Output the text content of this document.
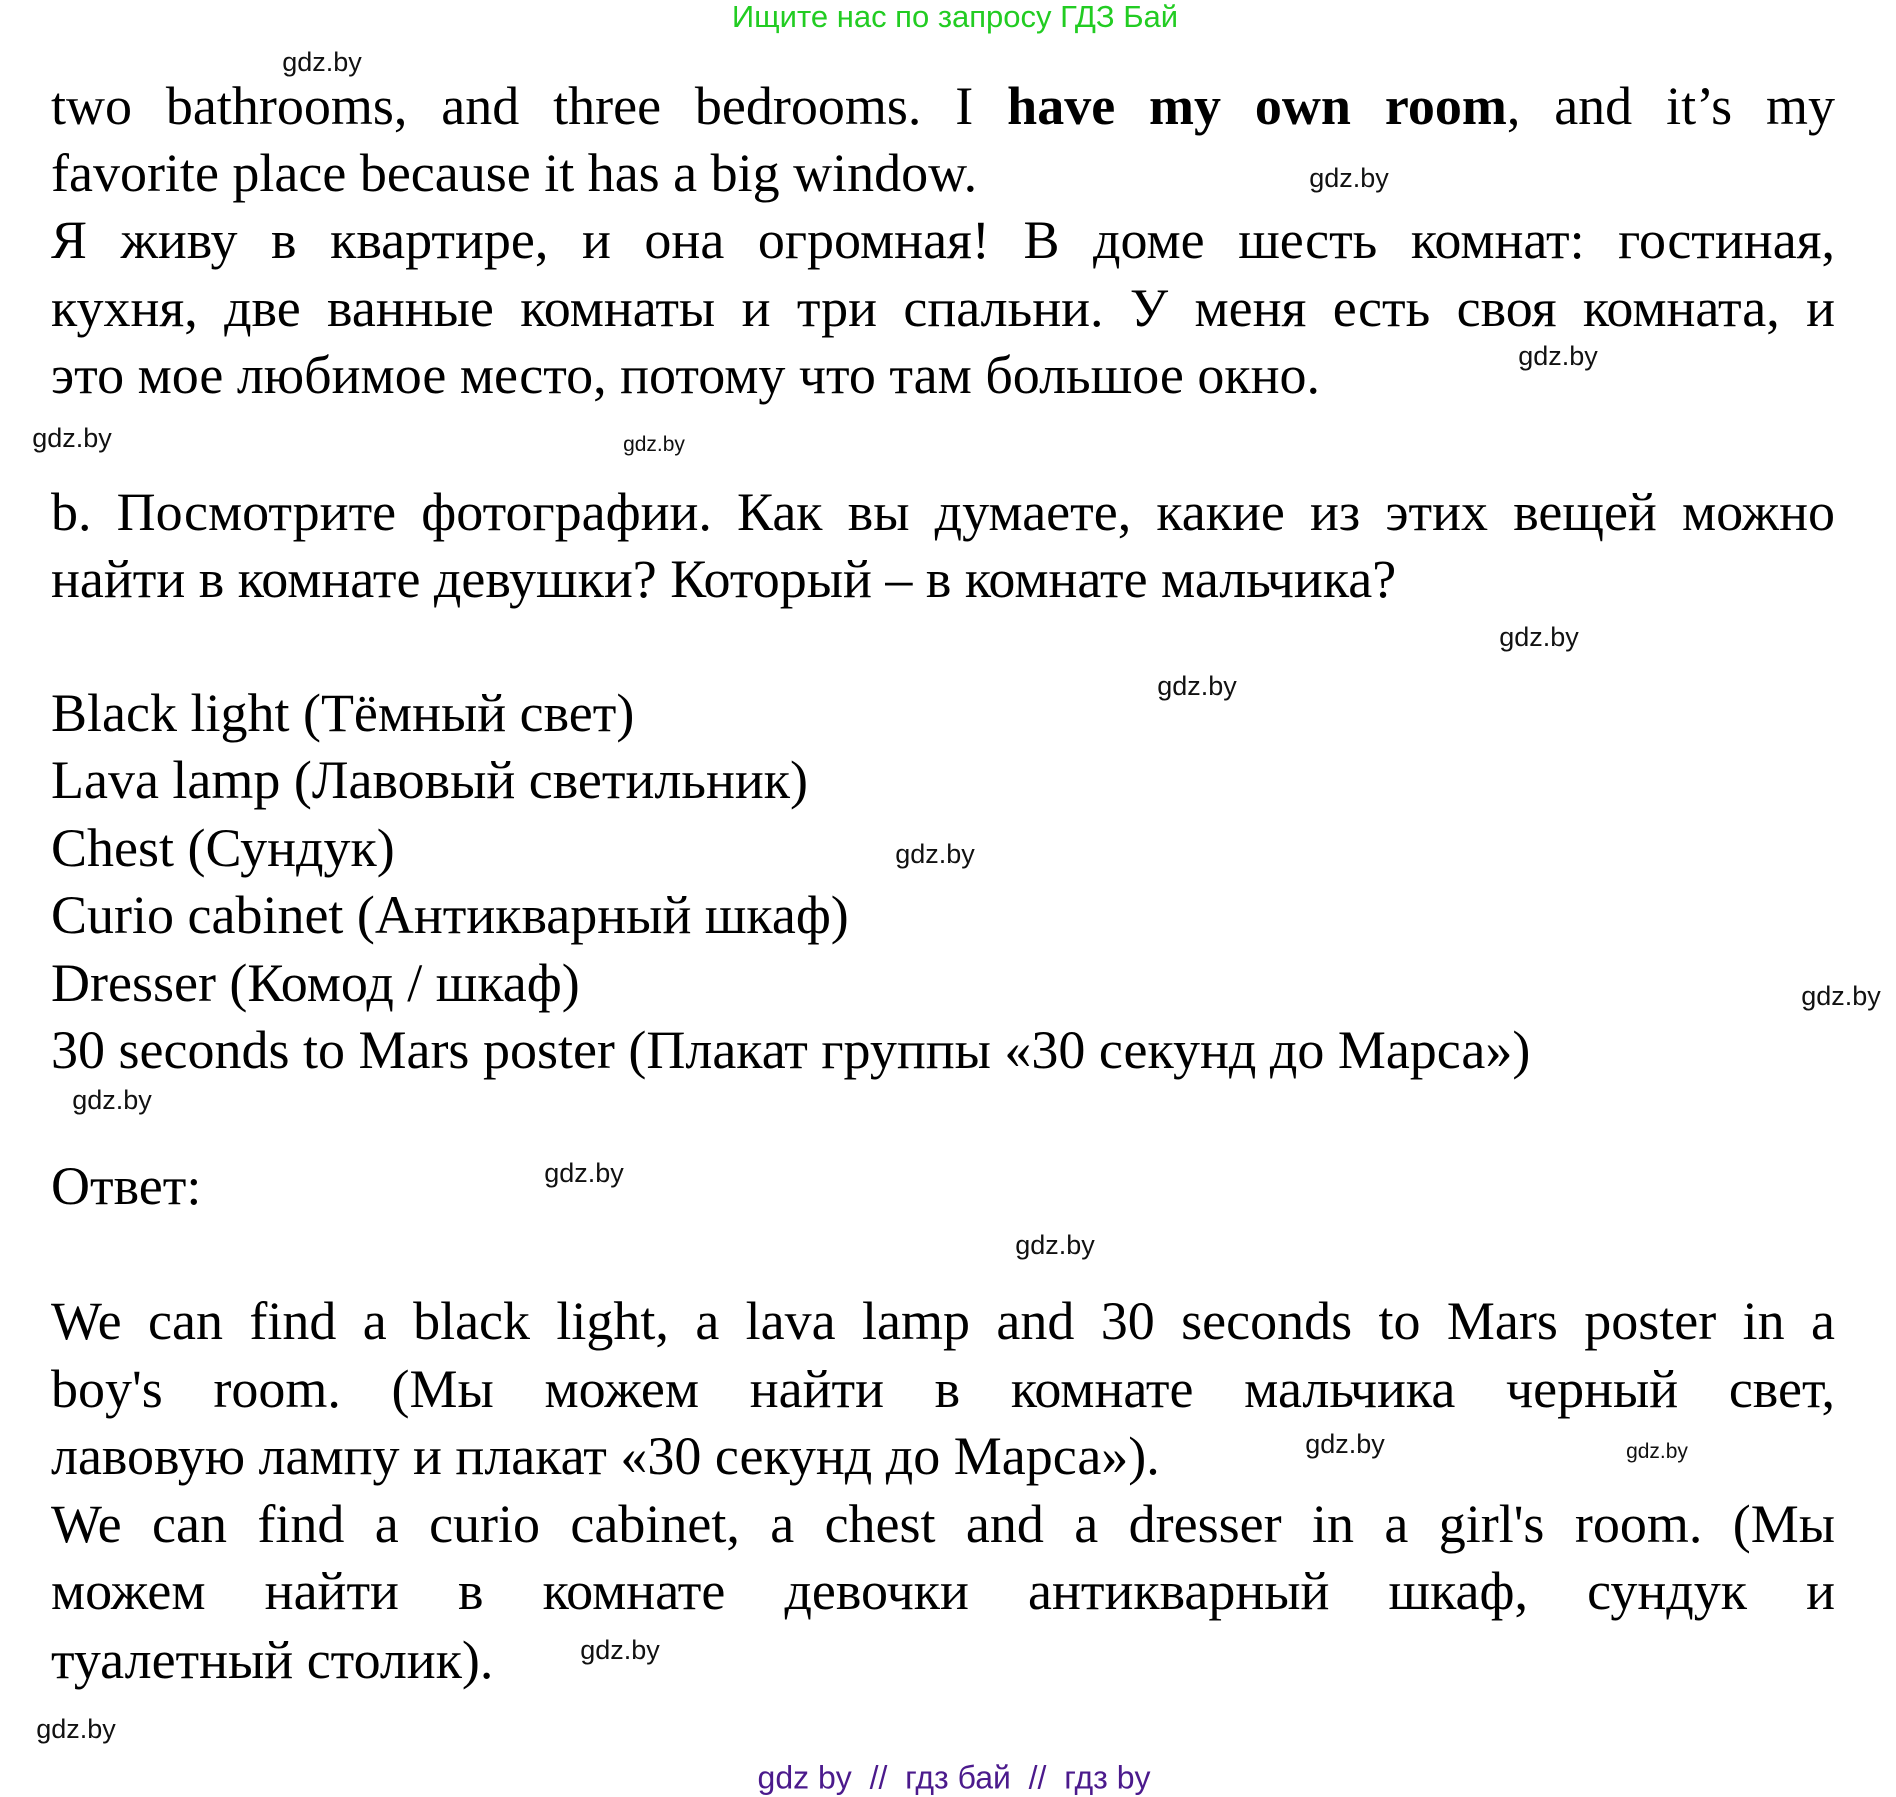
Ищите нас по запросу ГДЗ Бай
two bathrooms, and three bedrooms. I have my own room, and it’s my
favorite place because it has a big window.
Я живу в квартире, и она огромная! В доме шесть комнат: гостиная,
кухня, две ванные комнаты и три спальни. У меня есть своя комната, и
это мое любимое место, потому что там большое окно.
b. Посмотрите фотографии. Как вы думаете, какие из этих вещей можно
найти в комнате девушки? Который – в комнате мальчика?
Black light (Тёмный свет)
Lava lamp (Лавовый светильник)
Chest (Сундук)
Curio cabinet (Антикварный шкаф)
Dresser (Комод / шкаф)
30 seconds to Mars poster (Плакат группы «30 секунд до Марса»)
Ответ:
We can find a black light, a lava lamp and 30 seconds to Mars poster in a
boy's room. (Мы можем найти в комнате мальчика черный свет,
лавовую лампу и плакат «30 секунд до Марса»).
We can find a curio cabinet, a chest and a dresser in a girl's room. (Мы
можем найти в комнате девочки антикварный шкаф, сундук и
туалетный столик).
gdz.by
gdz.by
gdz.by
gdz.by
gdz.by
gdz.by
gdz.by
gdz.by
gdz.by
gdz.by
gdz.by
gdz.by
gdz.by	gdz.by
gdz.by
gdz.by
gdz by  //  гдз бай  //  гдз by
